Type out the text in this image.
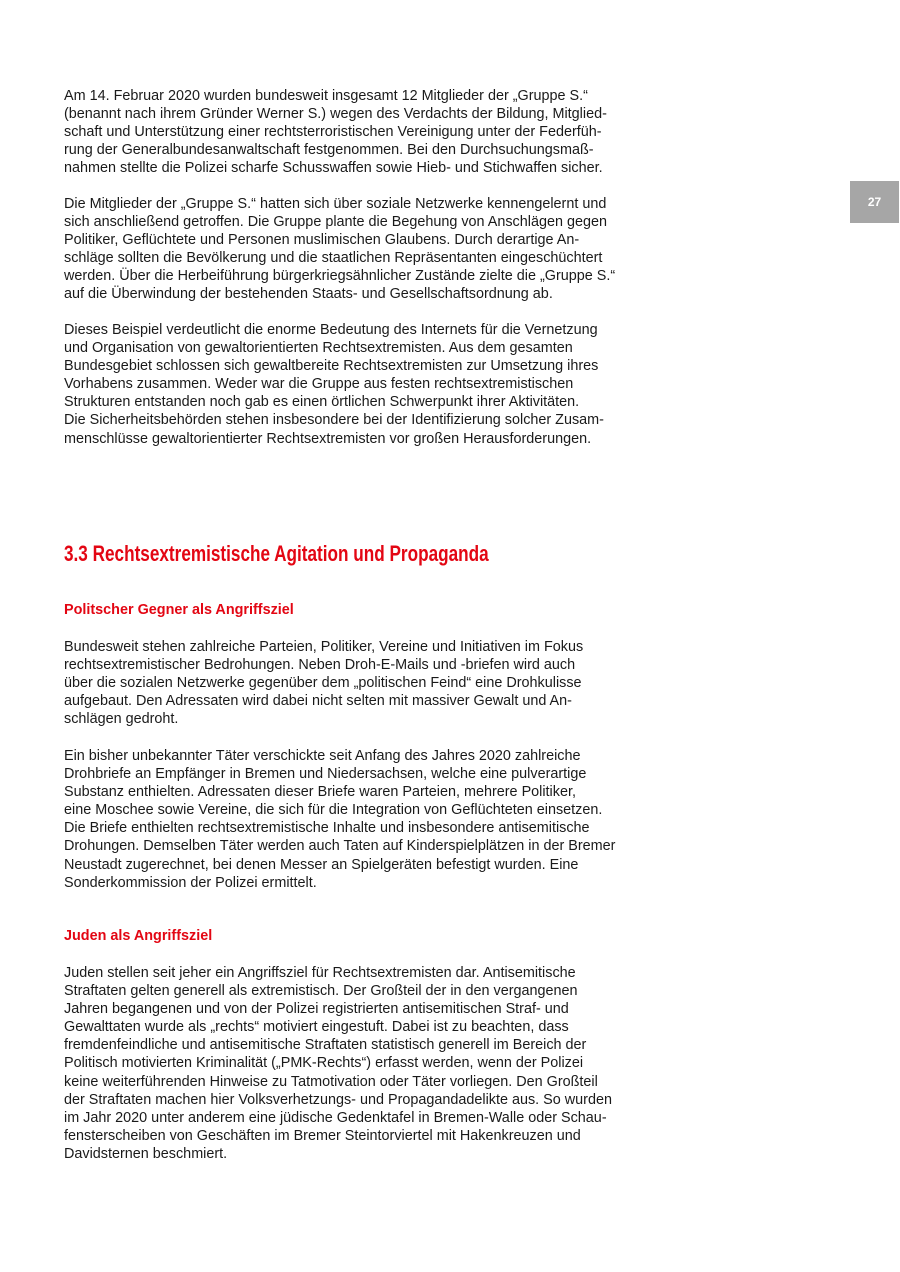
27
Am 14. Februar 2020 wurden bundesweit insgesamt 12 Mitglieder der „Gruppe S.“
(benannt nach ihrem Gründer Werner S.) wegen des Verdachts der Bildung, Mitglied-
schaft und Unterstützung einer rechtsterroristischen Vereinigung unter der Federfüh-
rung der Generalbundesanwaltschaft festgenommen. Bei den Durchsuchungsmaß-
nahmen stellte die Polizei scharfe Schusswaffen sowie Hieb- und Stichwaffen sicher.
Die Mitglieder der „Gruppe S.“ hatten sich über soziale Netzwerke kennengelernt und
sich anschließend getroffen. Die Gruppe plante die Begehung von Anschlägen gegen
Politiker, Geflüchtete und Personen muslimischen Glaubens. Durch derartige An-
schläge sollten die Bevölkerung und die staatlichen Repräsentanten eingeschüchtert
werden. Über die Herbeiführung bürgerkriegsähnlicher Zustände zielte die „Gruppe S.“
auf die Überwindung der bestehenden Staats- und Gesellschaftsordnung ab.
Dieses Beispiel verdeutlicht die enorme Bedeutung des Internets für die Vernetzung
und Organisation von gewaltorientierten Rechtsextremisten. Aus dem gesamten
Bundesgebiet schlossen sich gewaltbereite Rechtsextremisten zur Umsetzung ihres
Vorhabens zusammen. Weder war die Gruppe aus festen rechtsextremistischen
Strukturen entstanden noch gab es einen örtlichen Schwerpunkt ihrer Aktivitäten.
Die Sicherheitsbehörden stehen insbesondere bei der Identifizierung solcher Zusam-
menschlüsse gewaltorientierter Rechtsextremisten vor großen Herausforderungen.
3.3 Rechtsextremistische Agitation und Propaganda
Politscher Gegner als Angriffsziel
Bundesweit stehen zahlreiche Parteien, Politiker, Vereine und Initiativen im Fokus
rechtsextremistischer Bedrohungen. Neben Droh-E-Mails und -briefen wird auch
über die sozialen Netzwerke gegenüber dem „politischen Feind“ eine Drohkulisse
aufgebaut. Den Adressaten wird dabei nicht selten mit massiver Gewalt und An-
schlägen gedroht.
Ein bisher unbekannter Täter verschickte seit Anfang des Jahres 2020 zahlreiche
Drohbriefe an Empfänger in Bremen und Niedersachsen, welche eine pulverartige
Substanz enthielten. Adressaten dieser Briefe waren Parteien, mehrere Politiker,
eine Moschee sowie Vereine, die sich für die Integration von Geflüchteten einsetzen.
Die Briefe enthielten rechtsextremistische Inhalte und insbesondere antisemitische
Drohungen. Demselben Täter werden auch Taten auf Kinderspielplätzen in der Bremer
Neustadt zugerechnet, bei denen Messer an Spielgeräten befestigt wurden. Eine
Sonderkommission der Polizei ermittelt.
Juden als Angriffsziel
Juden stellen seit jeher ein Angriffsziel für Rechtsextremisten dar. Antisemitische
Straftaten gelten generell als extremistisch. Der Großteil der in den vergangenen
Jahren begangenen und von der Polizei registrierten antisemitischen Straf- und
Gewalttaten wurde als „rechts“ motiviert eingestuft. Dabei ist zu beachten, dass
fremdenfeindliche und antisemitische Straftaten statistisch generell im Bereich der
Politisch motivierten Kriminalität („PMK-Rechts“) erfasst werden, wenn der Polizei
keine weiterführenden Hinweise zu Tatmotivation oder Täter vorliegen. Den Großteil
der Straftaten machen hier Volksverhetzungs- und Propagandadelikte aus. So wurden
im Jahr 2020 unter anderem eine jüdische Gedenktafel in Bremen-Walle oder Schau-
fensterscheiben von Geschäften im Bremer Steintorviertel mit Hakenkreuzen und
Davidsternen beschmiert.
